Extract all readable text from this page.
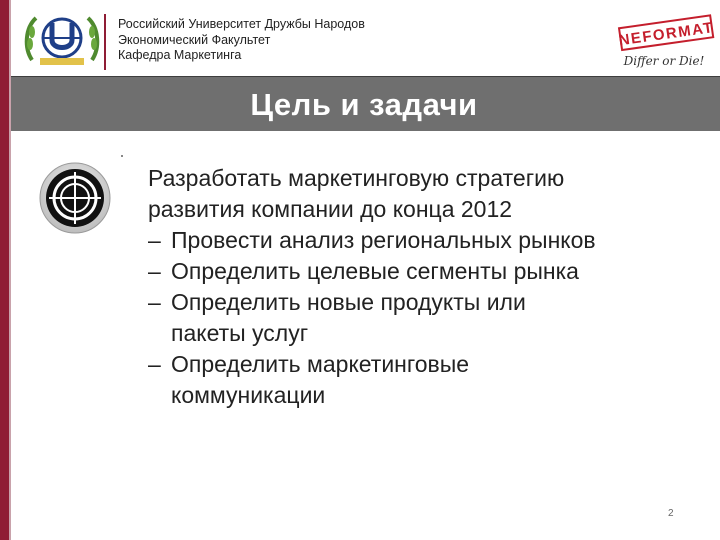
Российский Университет Дружбы Народов
Экономический Факультет
Кафедра Маркетинга
NEFORMAT
Differ or Die!
Цель и задачи
Разработать маркетинговую стратегию
развития компании до конца 2012
– Провести анализ региональных рынков
– Определить целевые сегменты рынка
– Определить новые продукты или
пакеты услуг
– Определить маркетинговые
коммуникации
2
